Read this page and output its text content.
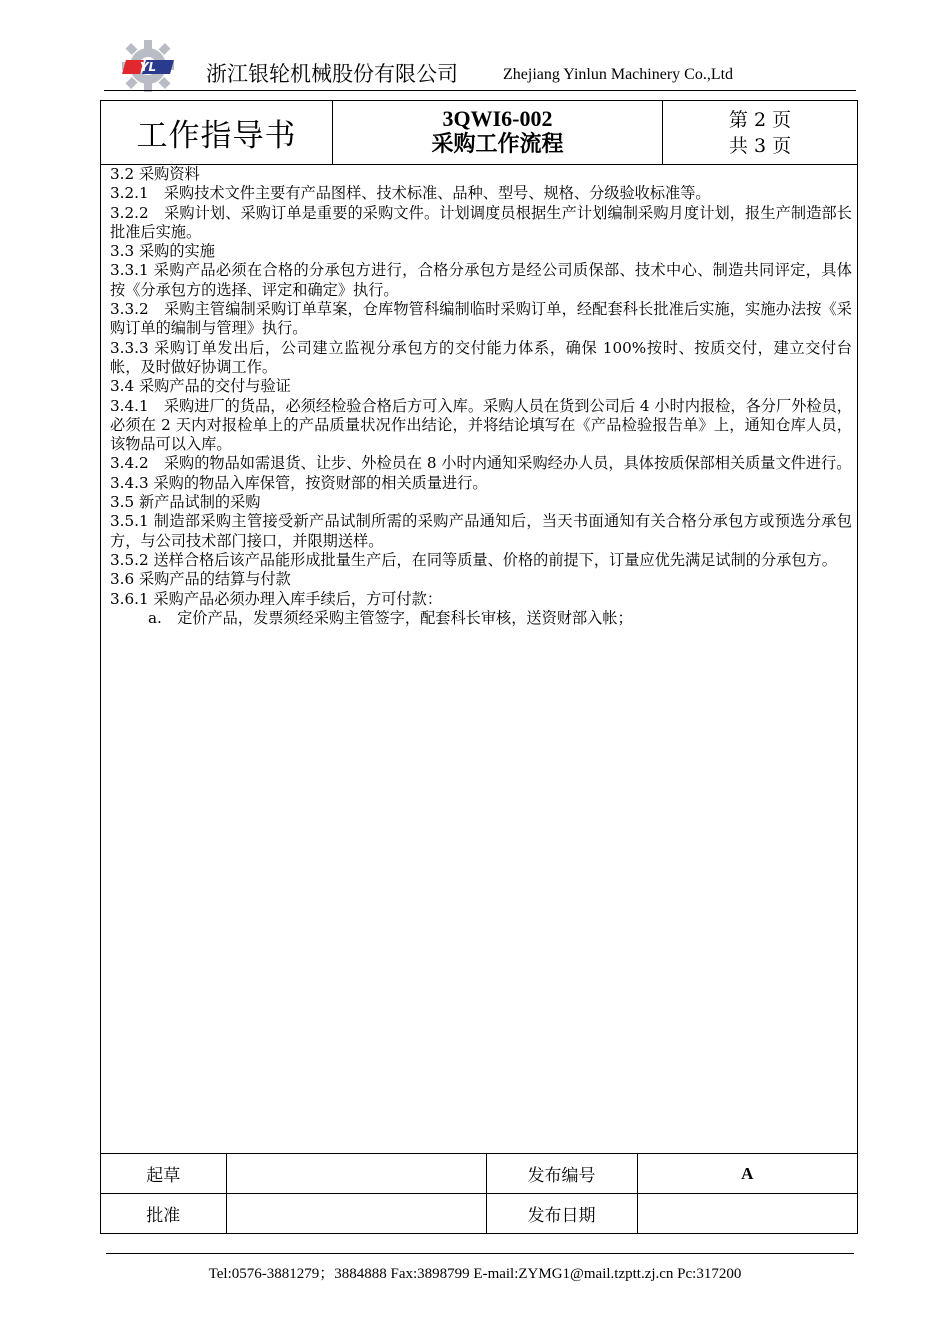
YL 浙江银轮机械股份有限公司	Zhejiang Yinlun Machinery Co.,Ltd
工作指导书	3QWI6-002
采购工作流程
第 2 页
共 3 页

3.2 采购资料

3.2.1　采购技术文件主要有产品图样、技术标准、品种、型号、规格、分级验收标准等。

3.2.2　采购计划、采购订单是重要的采购文件。计划调度员根据生产计划编制采购月度计划，报生产制造部长批准后实施。

3.3 采购的实施

3.3.1 采购产品必须在合格的分承包方进行，合格分承包方是经公司质保部、技术中心、制造共同评定，具体按《分承包方的选择、评定和确定》执行。

3.3.2　采购主管编制采购订单草案，仓库物管科编制临时采购订单，经配套科长批准后实施，实施办法按《采购订单的编制与管理》执行。

3.3.3 采购订单发出后，公司建立监视分承包方的交付能力体系，确保 100%按时、按质交付，建立交付台帐，及时做好协调工作。

3.4 采购产品的交付与验证

3.4.1　采购进厂的货品，必须经检验合格后方可入库。采购人员在货到公司后 4 小时内报检，各分厂外检员，必须在 2 天内对报检单上的产品质量状况作出结论，并将结论填写在《产品检验报告单》上，通知仓库人员，该物品可以入库。

3.4.2　采购的物品如需退货、让步、外检员在 8 小时内通知采购经办人员，具体按质保部相关质量文件进行。

3.4.3 采购的物品入库保管，按资财部的相关质量进行。

3.5 新产品试制的采购

3.5.1 制造部采购主管接受新产品试制所需的采购产品通知后，当天书面通知有关合格分承包方或预选分承包方，与公司技术部门接口，并限期送样。

3.5.2 送样合格后该产品能形成批量生产后，在同等质量、价格的前提下，订量应优先满足试制的分承包方。

3.6 采购产品的结算与付款

3.6.1 采购产品必须办理入库手续后，方可付款：

a.　定价产品，发票须经采购主管签字，配套科长审核，送资财部入帐；

起草		发布编号	A
批准		发布日期	
Tel:0576-3881279；3884888 Fax:3898799 E-mail:ZYMG1@mail.tzptt.zj.cn Pc:317200
